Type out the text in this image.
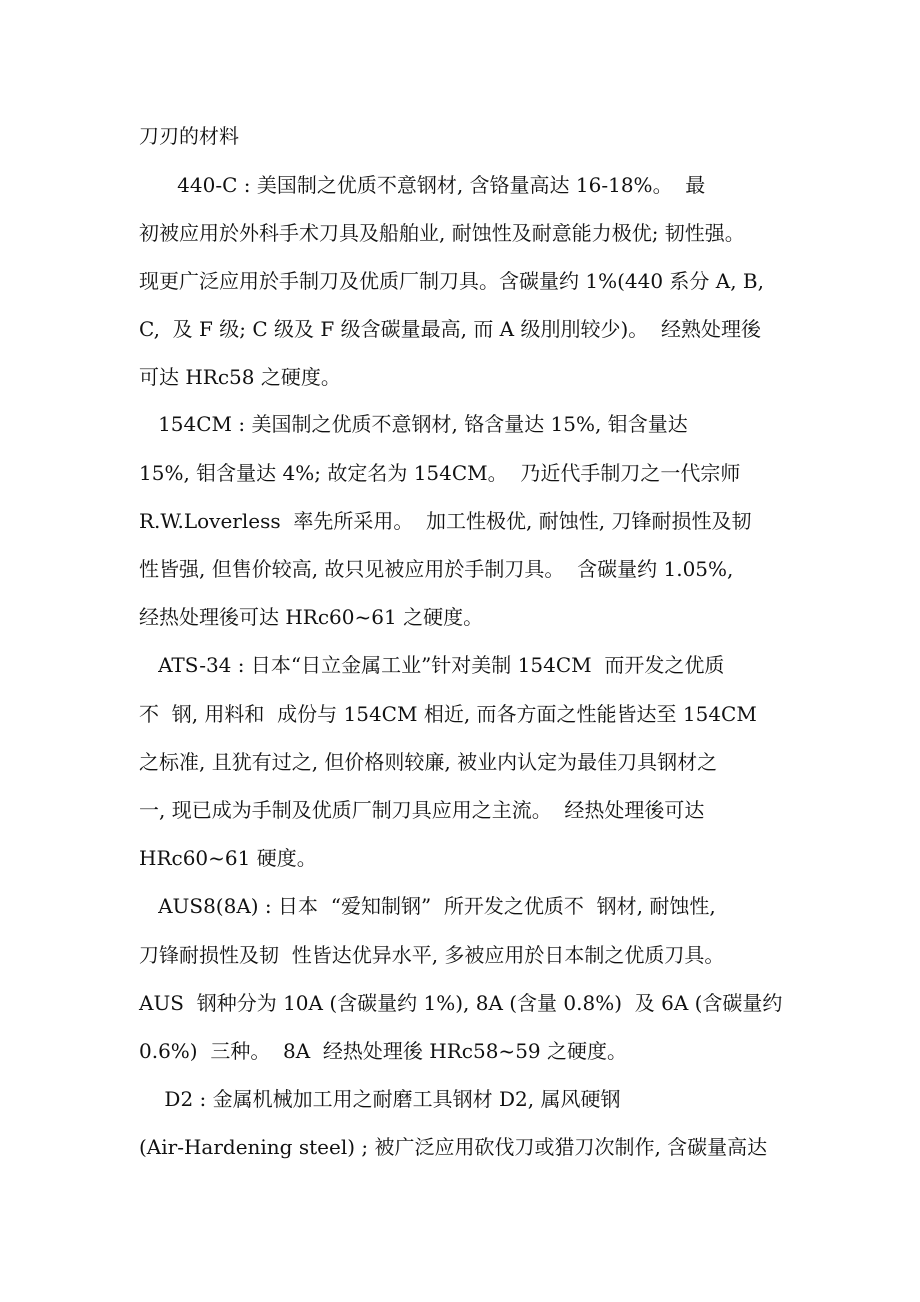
刀刃的材料

440-C : 美国制之优质不意钢材, 含铬量高达 16-18%。  最

初被应用於外科手术刀具及船舶业, 耐蚀性及耐意能力极优; 韧性强。

现更广泛应用於手制刀及优质厂制刀具。含碳量约 1%(440 系分 A, B,

C,  及 F 级; C 级及 F 级含碳量最高, 而 A 级刖刖较少)。  经熟处理後

可达 HRc58 之硬度。

154CM : 美国制之优质不意钢材, 铬含量达 15%, 钼含量达

15%, 钼含量达 4%; 故定名为 154CM。  乃近代手制刀之一代宗师

R.W.Loverless  率先所采用。  加工性极优, 耐蚀性, 刀锋耐损性及韧

性皆强, 但售价较高, 故只见被应用於手制刀具。  含碳量约 1.05%,

经热处理後可达 HRc60~61 之硬度。

ATS-34 : 日本“日立金属工业”针对美制 154CM  而开发之优质

不  钢, 用料和  成份与 154CM 相近, 而各方面之性能皆达至 154CM

之标准, 且犹有过之, 但价格则较廉, 被业内认定为最佳刀具钢材之

一, 现已成为手制及优质厂制刀具应用之主流。  经热处理後可达

HRc60~61 硬度。

AUS8(8A) : 日本  “爱知制钢”  所开发之优质不  钢材, 耐蚀性,

刀锋耐损性及韧  性皆达优异水平, 多被应用於日本制之优质刀具。

AUS  钢种分为 10A (含碳量约 1%), 8A (含量 0.8%)  及 6A (含碳量约

0.6%)  三种。  8A  经热处理後 HRc58~59 之硬度。

D2 : 金属机械加工用之耐磨工具钢材 D2, 属风硬钢

(Air-Hardening steel) ; 被广泛应用砍伐刀或猎刀次制作, 含碳量高达
